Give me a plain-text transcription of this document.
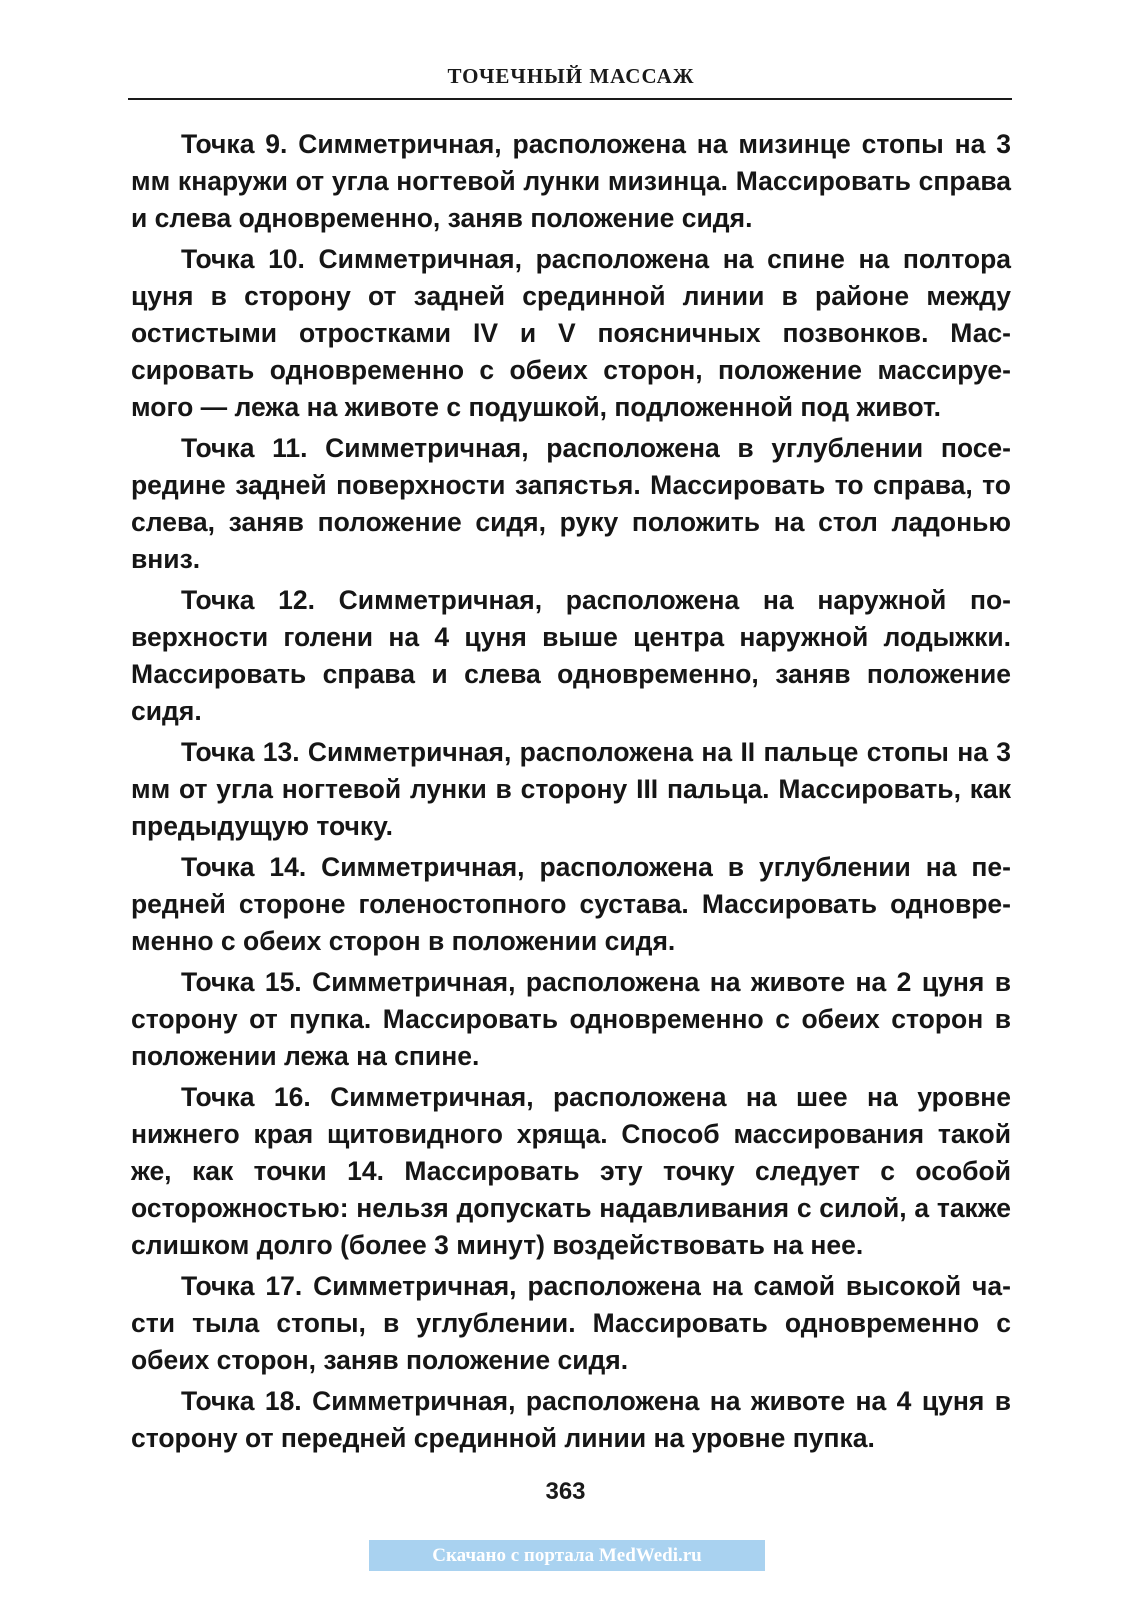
ТОЧЕЧНЫЙ МАССАЖ

Точка 9. Симметричная, расположена на мизинце стопы на 3 мм кнаружи от угла ногтевой лунки мизинца. Массировать справа и слева одновременно, заняв положение сидя.

Точка 10. Симметричная, расположена на спине на полтора цуня в сторону от задней срединной линии в районе между остистыми отростками IV и V поясничных позвонков. Массировать одновременно с обеих сторон, положение массируемого — лежа на животе с подушкой, подложенной под живот.

Точка 11. Симметричная, расположена в углублении посередине задней поверхности запястья. Массировать то справа, то слева, заняв положение сидя, руку положить на стол ладонью вниз.

Точка 12. Симметричная, расположена на наружной поверхности голени на 4 цуня выше центра наружной лодыжки. Массировать справа и слева одновременно, заняв положение сидя.

Точка 13. Симметричная, расположена на II пальце стопы на 3 мм от угла ногтевой лунки в сторону III пальца. Массировать, как предыдущую точку.

Точка 14. Симметричная, расположена в углублении на передней стороне голеностопного сустава. Массировать одновременно с обеих сторон в положении сидя.

Точка 15. Симметричная, расположена на животе на 2 цуня в сторону от пупка. Массировать одновременно с обеих сторон в положении лежа на спине.

Точка 16. Симметричная, расположена на шее на уровне нижнего края щитовидного хряща. Способ массирования такой же, как точки 14. Массировать эту точку следует с особой осторожностью: нельзя допускать надавливания с силой, а также слишком долго (более 3 минут) воздействовать на нее.

Точка 17. Симметричная, расположена на самой высокой части тыла стопы, в углублении. Массировать одновременно с обеих сторон, заняв положение сидя.

Точка 18. Симметричная, расположена на животе на 4 цуня в сторону от передней срединной линии на уровне пупка.

363
Скачано с портала MedWedi.ru
